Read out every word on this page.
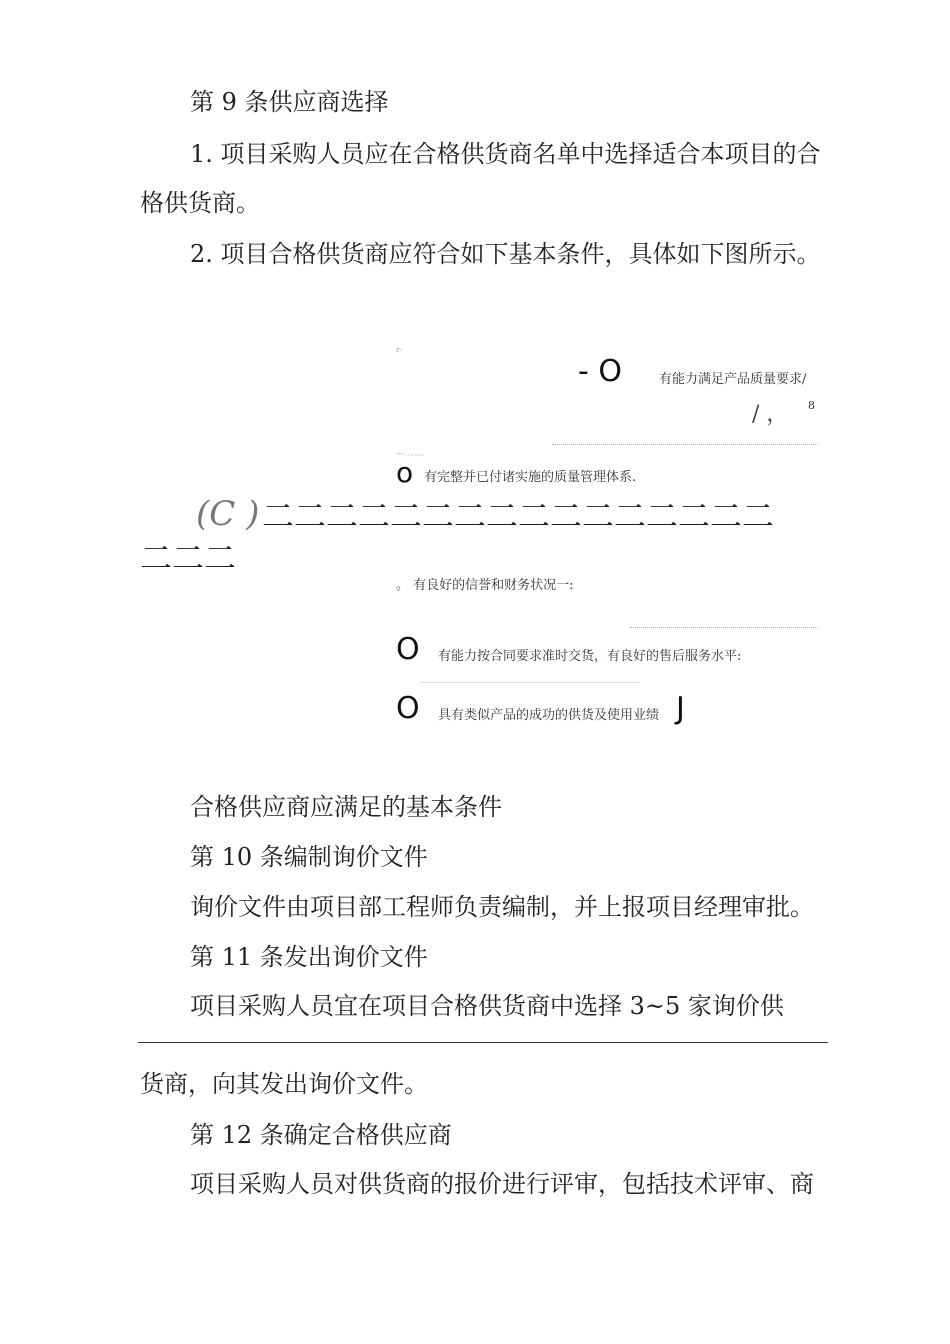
第 9 条供应商选择
1. 项目采购人员应在合格供货商名单中选择适合本项目的合
格供货商。
2. 项目合格供货商应符合如下基本条件，具体如下图所示。
r-
- O	有能力满足产品质量要求/
/ ， 8
—. 。。。。。
o 有完整并已付诸实施的质量管理体系.
(C ) 二二二二二二二二二二二二二二二二
二二二
。 有良好的信誉和财务状况一:
O 有能力按合同要求准时交货，有良好的售后服务水平:
O 具有类似产品的成功的供货及使用业绩 J
合格供应商应满足的基本条件
第 10 条编制询价文件
询价文件由项目部工程师负责编制，并上报项目经理审批。
第 11 条发出询价文件
项目采购人员宜在项目合格供货商中选择 3~5 家询价供
货商，向其发出询价文件。
第 12 条确定合格供应商
项目采购人员对供货商的报价进行评审，包括技术评审、商
